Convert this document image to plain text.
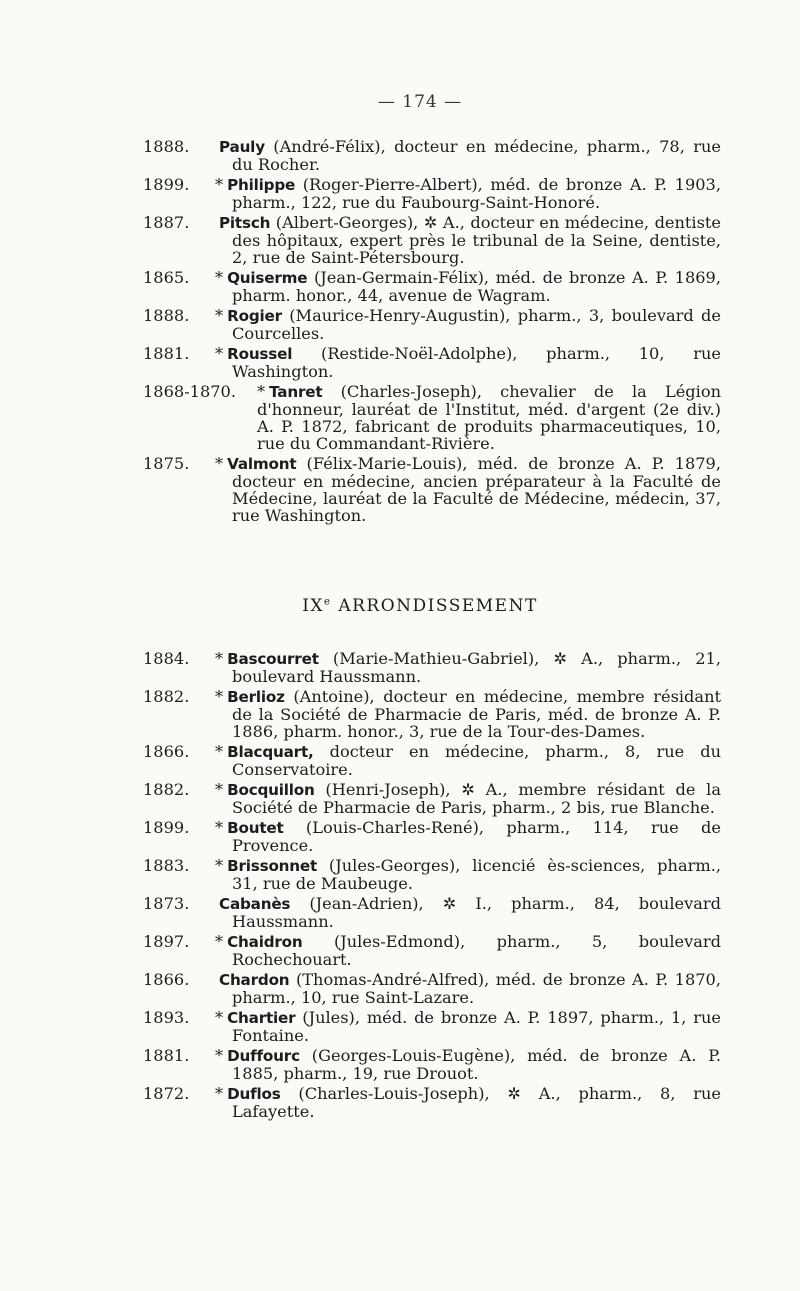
— 174 —
1888.	Pauly (André-Félix), docteur en médecine, pharm., 78, rue du Rocher.
1899.	* Philippe (Roger-Pierre-Albert), méd. de bronze A. P. 1903, pharm., 122, rue du Faubourg-Saint-Honoré.
1887.	Pitsch (Albert-Georges), ✲ A., docteur en médecine, dentiste des hôpitaux, expert près le tribunal de la Seine, dentiste, 2, rue de Saint-Pétersbourg.
1865.	* Quiserme (Jean-Germain-Félix), méd. de bronze A. P. 1869, pharm. honor., 44, avenue de Wagram.
1888.	* Rogier (Maurice-Henry-Augustin), pharm., 3, boulevard de Courcelles.
1881.	* Roussel (Restide-Noël-Adolphe), pharm., 10, rue Washington.
1868-1870.	* Tanret (Charles-Joseph), chevalier de la Légion d'honneur, lauréat de l'Institut, méd. d'argent (2e div.) A. P. 1872, fabricant de produits pharmaceutiques, 10, rue du Commandant-Rivière.
1875.	* Valmont (Félix-Marie-Louis), méd. de bronze A. P. 1879, docteur en médecine, ancien préparateur à la Faculté de Médecine, lauréat de la Faculté de Médecine, médecin, 37, rue Washington.
IXe ARRONDISSEMENT
1884.	* Bascourret (Marie-Mathieu-Gabriel), ✲ A., pharm., 21, boulevard Haussmann.
1882.	* Berlioz (Antoine), docteur en médecine, membre résidant de la Société de Pharmacie de Paris, méd. de bronze A. P. 1886, pharm. honor., 3, rue de la Tour-des-Dames.
1866.	* Blacquart, docteur en médecine, pharm., 8, rue du Conservatoire.
1882.	* Bocquillon (Henri-Joseph), ✲ A., membre résidant de la Société de Pharmacie de Paris, pharm., 2 bis, rue Blanche.
1899.	* Boutet (Louis-Charles-René), pharm., 114, rue de Provence.
1883.	* Brissonnet (Jules-Georges), licencié ès-sciences, pharm., 31, rue de Maubeuge.
1873.	Cabanès (Jean-Adrien), ✲ I., pharm., 84, boulevard Haussmann.
1897.	* Chaidron (Jules-Edmond), pharm., 5, boulevard Rochechouart.
1866.	Chardon (Thomas-André-Alfred), méd. de bronze A. P. 1870, pharm., 10, rue Saint-Lazare.
1893.	* Chartier (Jules), méd. de bronze A. P. 1897, pharm., 1, rue Fontaine.
1881.	* Duffourc (Georges-Louis-Eugène), méd. de bronze A. P. 1885, pharm., 19, rue Drouot.
1872.	* Duflos (Charles-Louis-Joseph), ✲ A., pharm., 8, rue Lafayette.
